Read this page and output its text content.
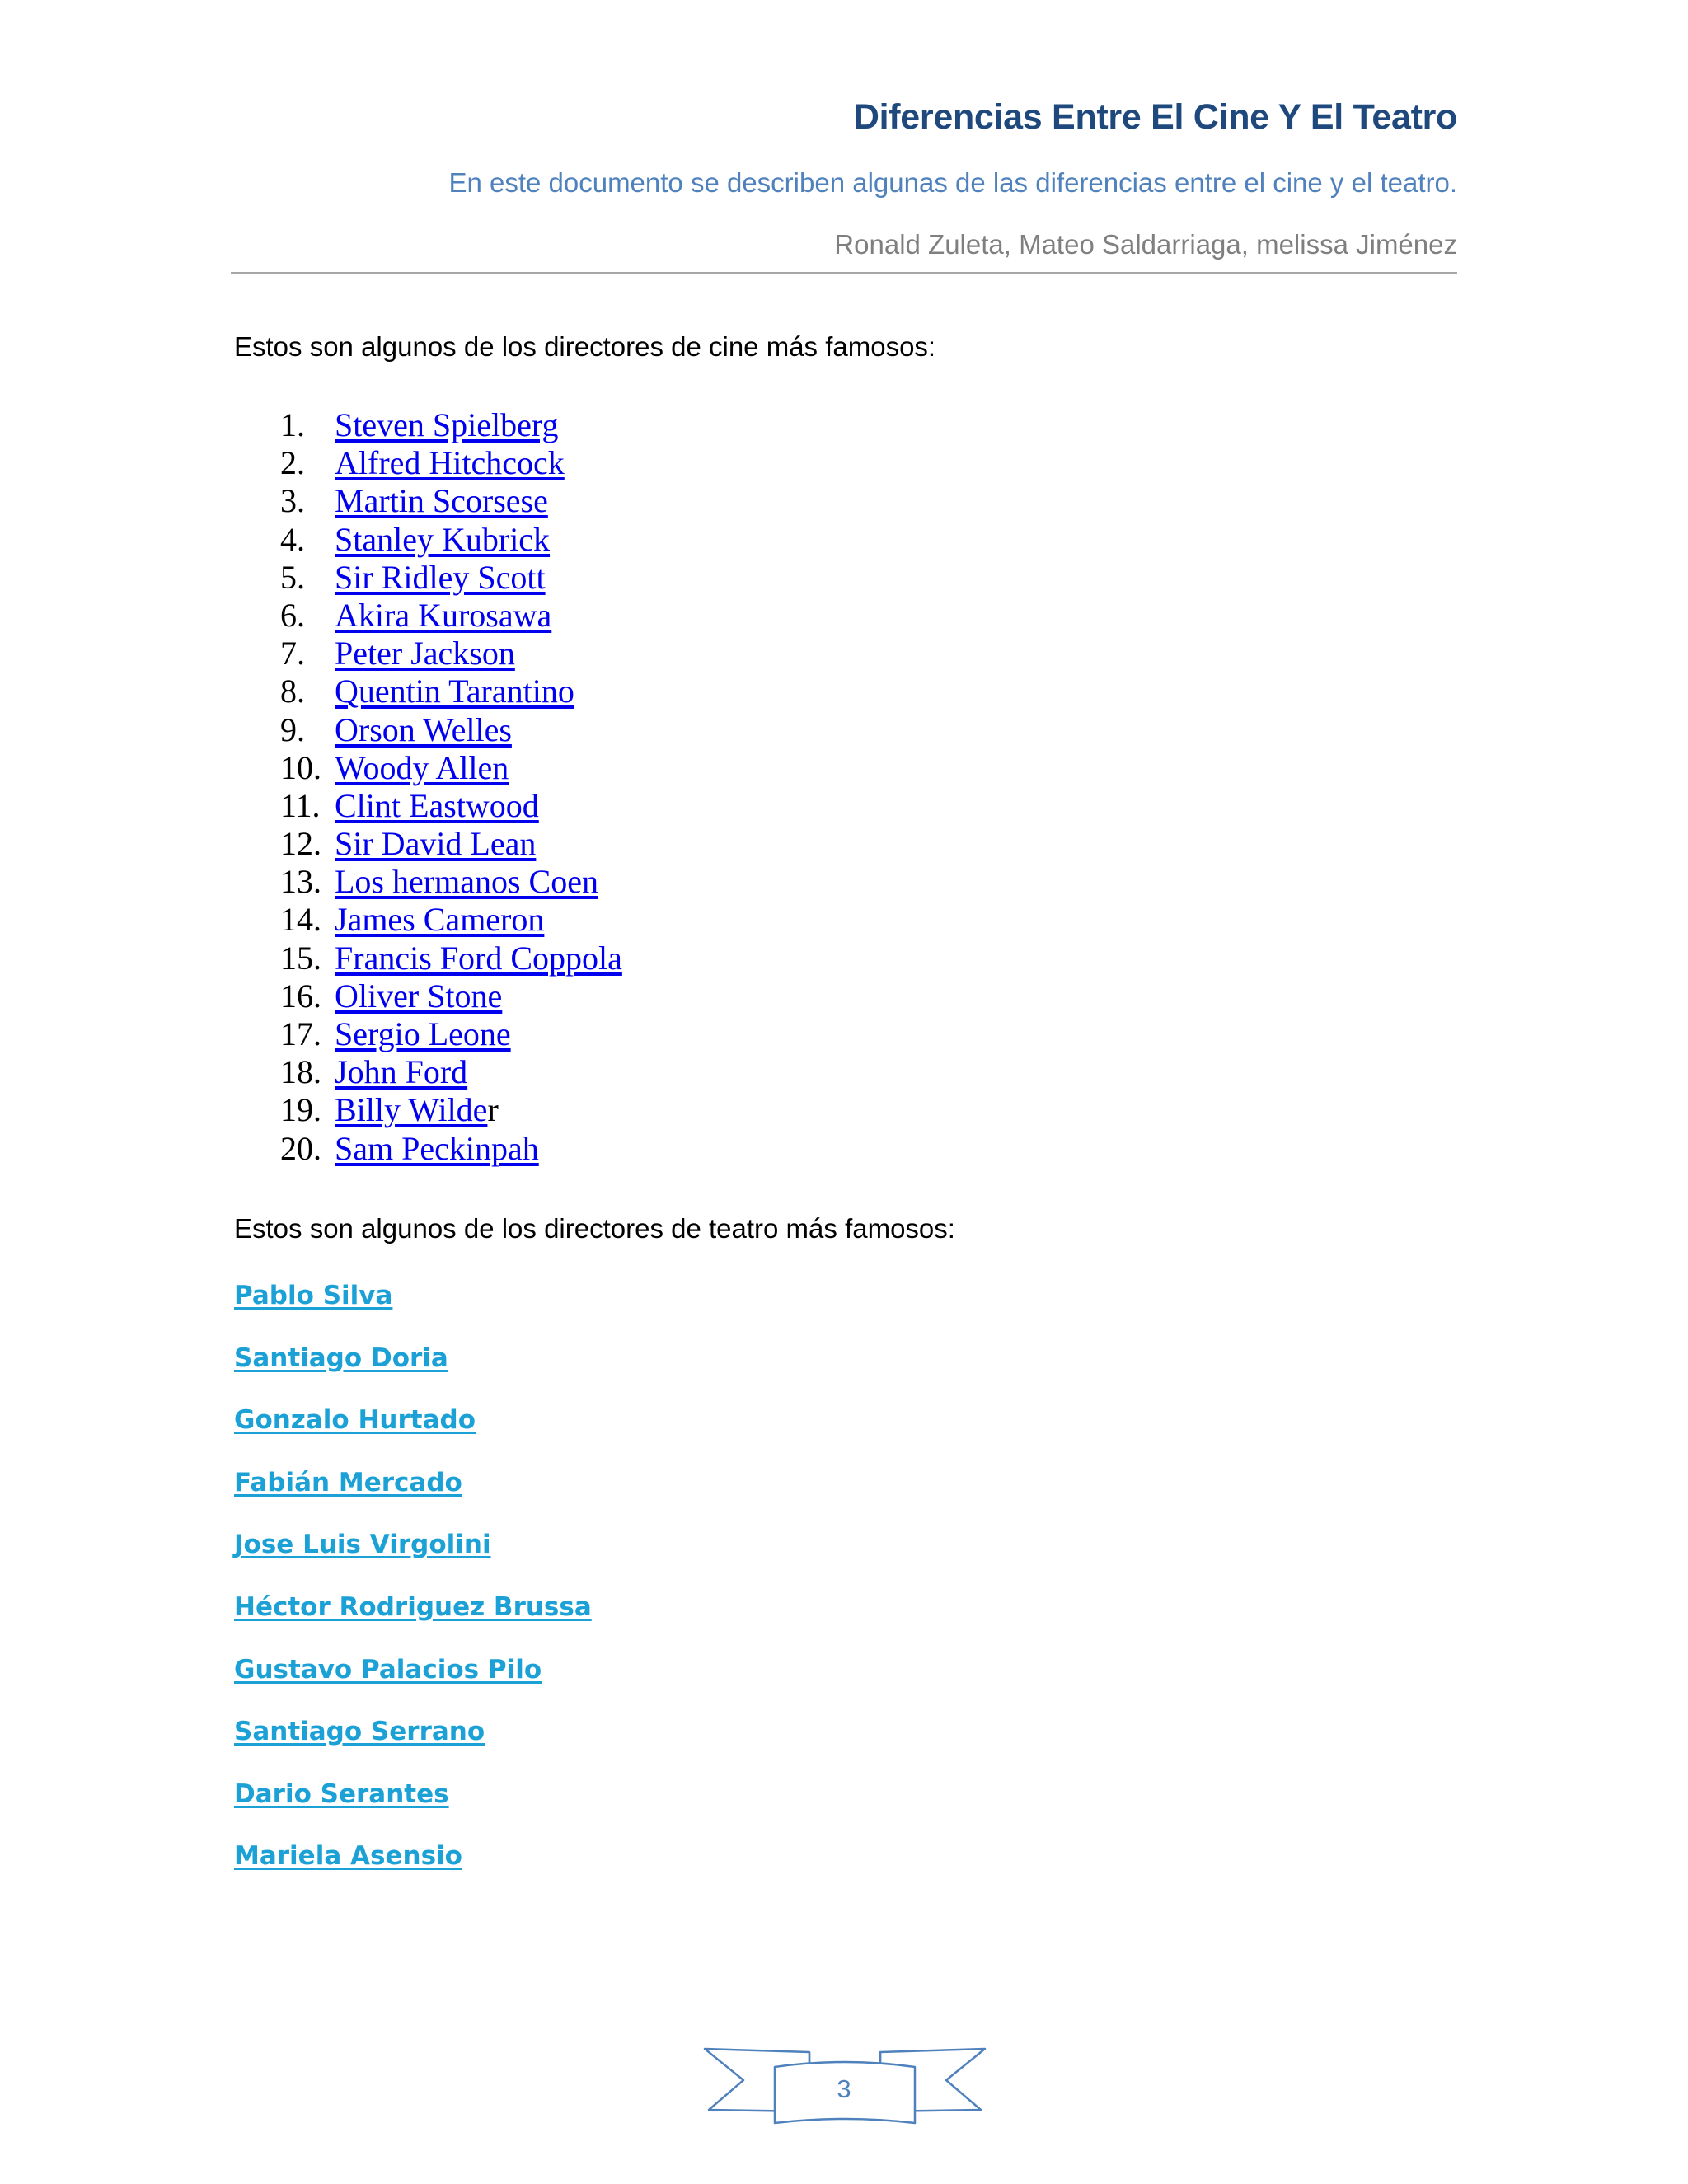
Diferencias Entre El Cine Y El Teatro
En este documento se describen algunas de las diferencias entre el cine y el teatro.
Ronald Zuleta, Mateo Saldarriaga, melissa Jiménez

Estos son algunos de los directores de cine más famosos:

1. Steven Spielberg
2. Alfred Hitchcock
3. Martin Scorsese
4. Stanley Kubrick
5. Sir Ridley Scott
6. Akira Kurosawa
7. Peter Jackson
8. Quentin Tarantino
9. Orson Welles
10. Woody Allen
11. Clint Eastwood
12. Sir David Lean
13. Los hermanos Coen
14. James Cameron
15. Francis Ford Coppola
16. Oliver Stone
17. Sergio Leone
18. John Ford
19. Billy Wilder
20. Sam Peckinpah

Estos son algunos de los directores de teatro más famosos:

Pablo Silva
Santiago Doria
Gonzalo Hurtado
Fabián Mercado
Jose Luis Virgolini
Héctor Rodriguez Brussa
Gustavo Palacios Pilo
Santiago Serrano
Dario Serantes
Mariela Asensio
3
